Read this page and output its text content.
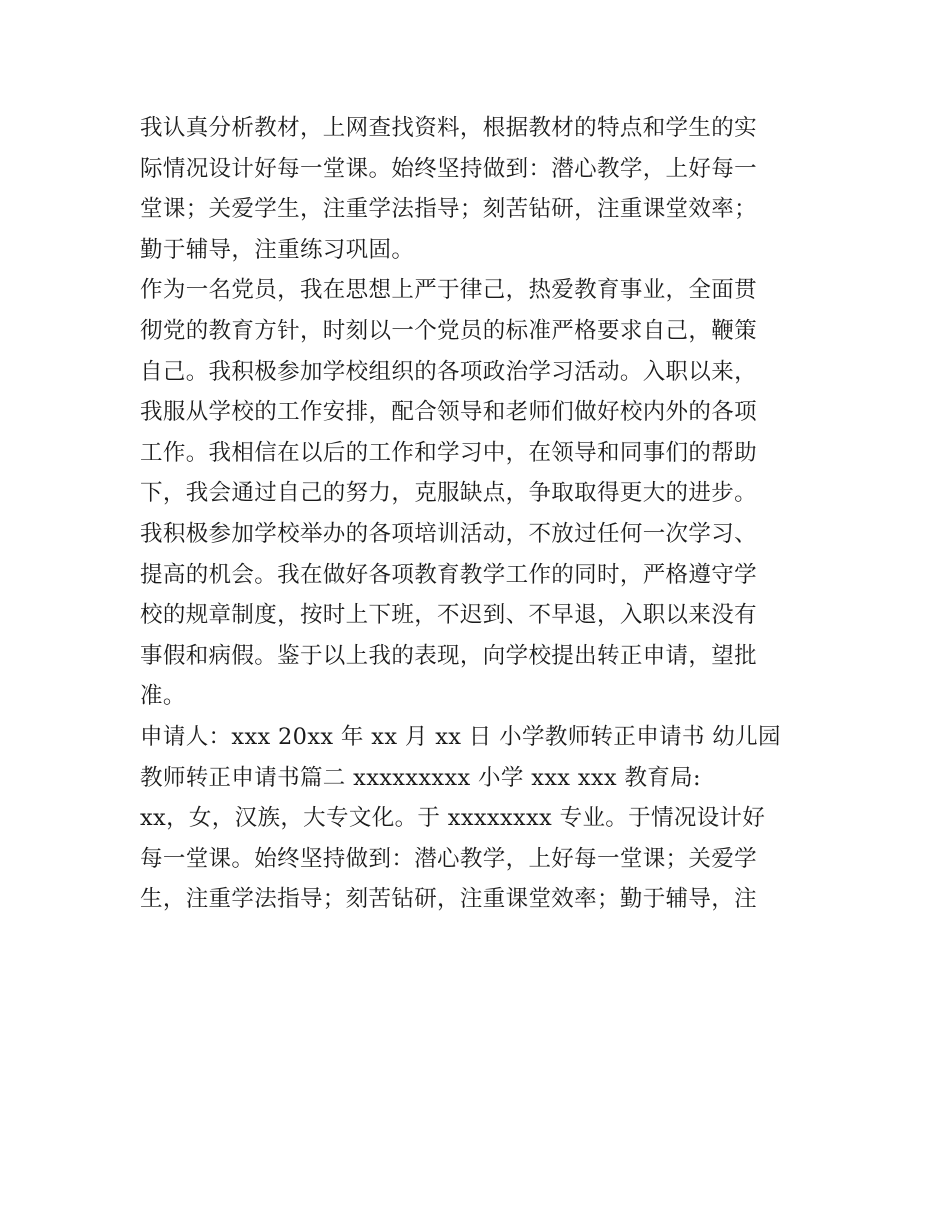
我认真分析教材，上网查找资料，根据教材的特点和学生的实
际情况设计好每一堂课。始终坚持做到：潜心教学，上好每一
堂课；关爱学生，注重学法指导；刻苦钻研，注重课堂效率；
勤于辅导，注重练习巩固。
作为一名党员，我在思想上严于律己，热爱教育事业，全面贯
彻党的教育方针，时刻以一个党员的标准严格要求自己，鞭策
自己。我积极参加学校组织的各项政治学习活动。入职以来，
我服从学校的工作安排，配合领导和老师们做好校内外的各项
工作。我相信在以后的工作和学习中，在领导和同事们的帮助
下，我会通过自己的努力，克服缺点，争取取得更大的进步。
我积极参加学校举办的各项培训活动，不放过任何一次学习、
提高的机会。我在做好各项教育教学工作的同时，严格遵守学
校的规章制度，按时上下班，不迟到、不早退，入职以来没有
事假和病假。鉴于以上我的表现，向学校提出转正申请，望批
准。
申请人：xxx 20xx 年 xx 月 xx 日 小学教师转正申请书 幼儿园
教师转正申请书篇二 xxxxxxxxx 小学 xxx xxx 教育局:
xx，女，汉族，大专文化。于 xxxxxxxx 专业。于情况设计好
每一堂课。始终坚持做到：潜心教学，上好每一堂课；关爱学
生，注重学法指导；刻苦钻研，注重课堂效率；勤于辅导，注
